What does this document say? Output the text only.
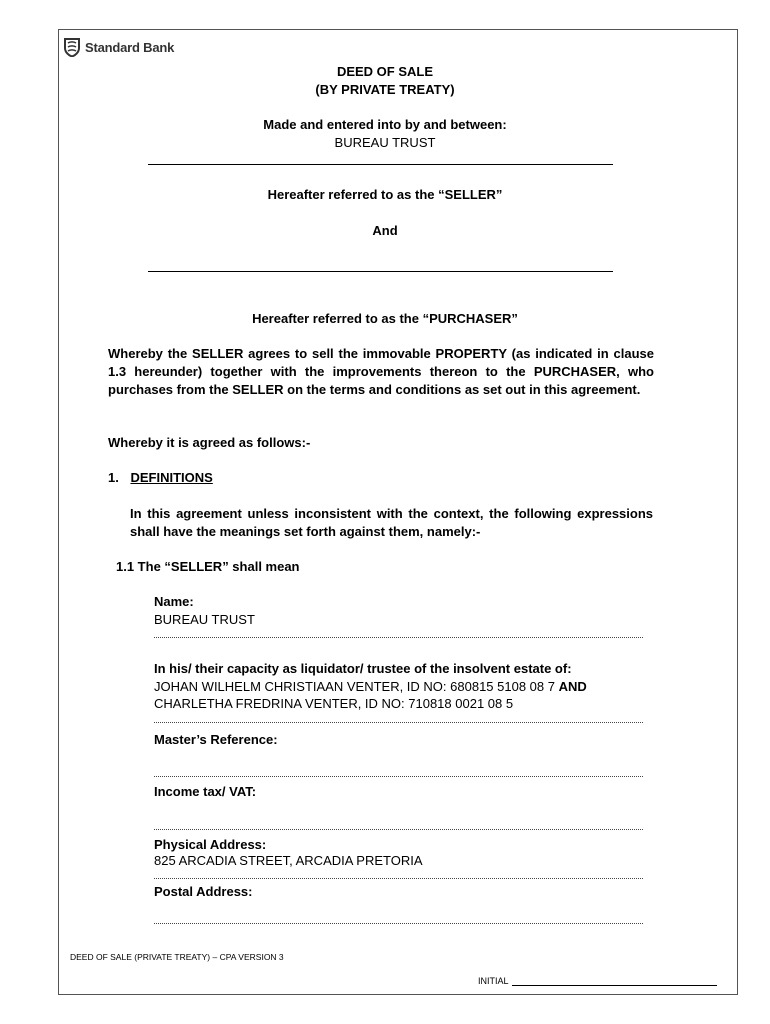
Standard Bank
DEED OF SALE
(BY PRIVATE TREATY)
Made and entered into by and between:
BUREAU TRUST
Hereafter referred to as the “SELLER”
And
Hereafter referred to as the “PURCHASER”
Whereby the SELLER agrees to sell the immovable PROPERTY (as indicated in clause 1.3 hereunder) together with the improvements thereon to the PURCHASER, who purchases from the SELLER on the terms and conditions as set out in this agreement.
Whereby it is agreed as follows:-
1. DEFINITIONS
In this agreement unless inconsistent with the context, the following expressions shall have the meanings set forth against them, namely:-
1.1 The “SELLER” shall mean
Name:
BUREAU TRUST
In his/ their capacity as liquidator/ trustee of the insolvent estate of:
JOHAN WILHELM CHRISTIAAN VENTER, ID NO: 680815 5108 08 7 AND
CHARLETHA FREDRINA VENTER, ID NO: 710818 0021 08 5
Master’s Reference:
Income tax/ VAT:
Physical Address:
825 ARCADIA STREET, ARCADIA PRETORIA
Postal Address:
DEED OF SALE (PRIVATE TREATY) – CPA VERSION 3
INITIAL
